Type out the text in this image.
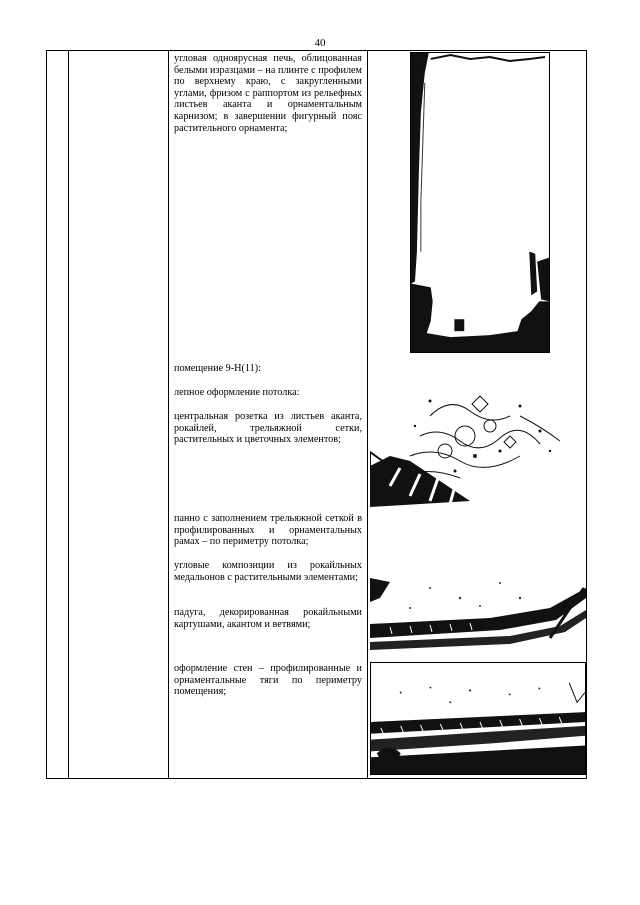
40
угловая одноярусная печь, облицованная белыми изразцами – на плинте с профилем по верхнему краю, с закругленными углами, фризом с раппортом из рельефных листьев аканта и орнаментальным карнизом; в завершении фигурный пояс растительного орнамента;
помещение 9-Н(11):
лепное оформление потолка:
центральная розетка из листьев аканта, рокайлей, трельяжной сетки, растительных и цветочных элементов;
панно с заполнением трельяжной сеткой в профилированных и орнаментальных рамах – по периметру потолка;
угловые композиции из рокайльных медальонов с растительными элементами;
падуга, декорированная рокайльными картушами, акантом и ветвями;
оформление стен – профилированные и орнаментальные тяги по периметру помещения;
